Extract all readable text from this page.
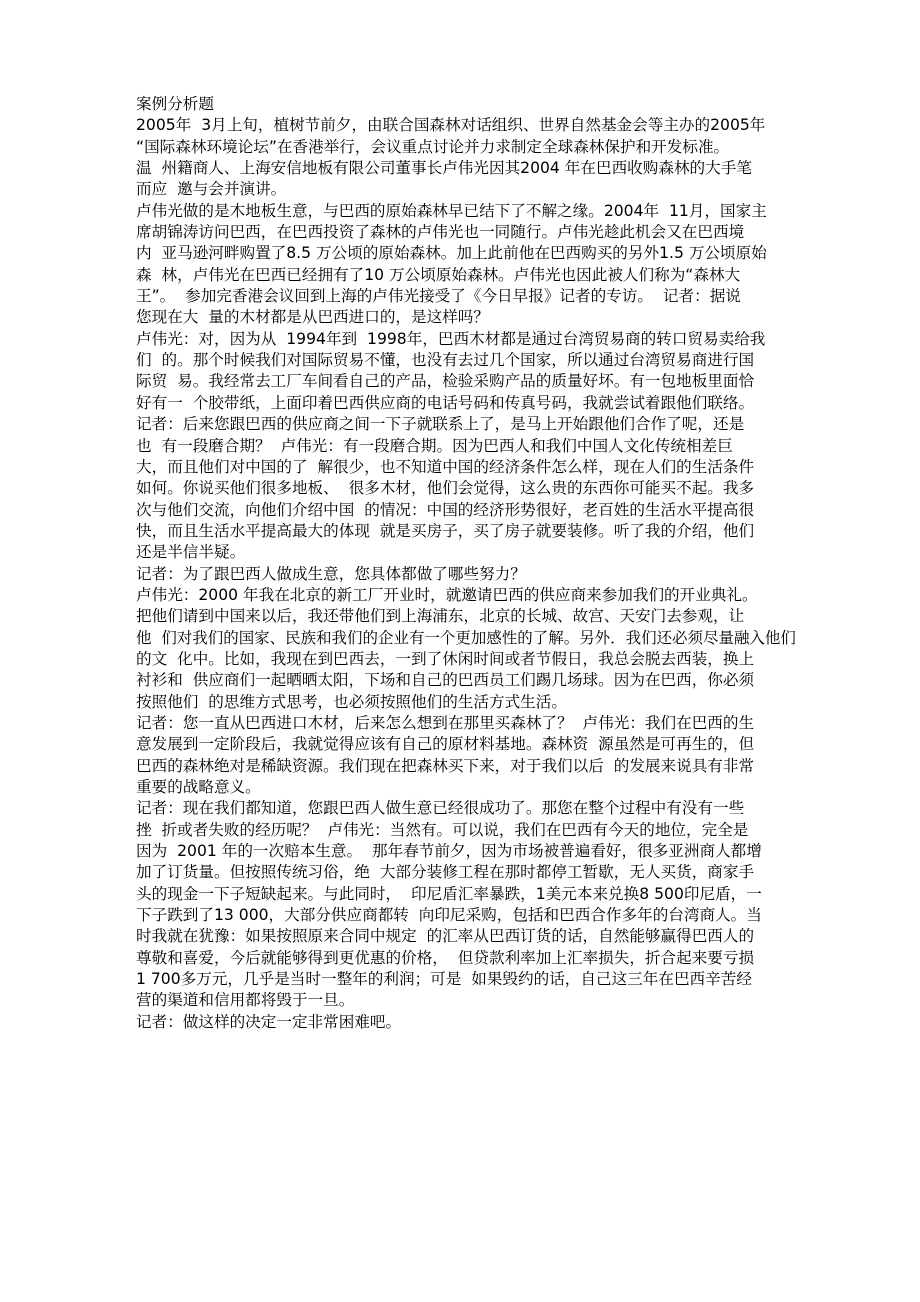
案例分析题
2005年  3月上旬，植树节前夕，由联合国森林对话组织、世界自然基金会等主办的2005年
“国际森林环境论坛”在香港举行，会议重点讨论并力求制定全球森林保护和开发标准。
温  州籍商人、上海安信地板有限公司董事长卢伟光因其2004 年在巴西收购森林的大手笔
而应  邀与会并演讲。
卢伟光做的是木地板生意，与巴西的原始森林早已结下了不解之缘。2004年  11月，国家主
席胡锦涛访问巴西，在巴西投资了森林的卢伟光也一同随行。卢伟光趁此机会又在巴西境
内  亚马逊河畔购置了8.5 万公顷的原始森林。加上此前他在巴西购买的另外1.5 万公顷原始
森  林，卢伟光在巴西已经拥有了10 万公顷原始森林。卢伟光也因此被人们称为“森林大
王”。  参加完香港会议回到上海的卢伟光接受了《今日早报》记者的专访。  记者：据说
您现在大  量的木材都是从巴西进口的，是这样吗？
卢伟光：对，因为从  1994年到  1998年，巴西木材都是通过台湾贸易商的转口贸易卖给我
们  的。那个时候我们对国际贸易不懂，也没有去过几个国家，所以通过台湾贸易商进行国
际贸  易。我经常去工厂车间看自己的产品，检验采购产品的质量好坏。有一包地板里面恰
好有一  个胶带纸，上面印着巴西供应商的电话号码和传真号码，我就尝试着跟他们联络。
记者：后来您跟巴西的供应商之间一下子就联系上了，是马上开始跟他们合作了呢，还是
也  有一段磨合期？  卢伟光：有一段磨合期。因为巴西人和我们中国人文化传统相差巨
大，而且他们对中国的了  解很少，也不知道中国的经济条件怎么样，现在人们的生活条件
如何。你说买他们很多地板、  很多木材，他们会觉得，这么贵的东西你可能买不起。我多
次与他们交流，向他们介绍中国  的情况：中国的经济形势很好，老百姓的生活水平提高很
快，而且生活水平提高最大的体现  就是买房子，买了房子就要装修。听了我的介绍，他们
还是半信半疑。
记者：为了跟巴西人做成生意，您具体都做了哪些努力？
卢伟光：2000 年我在北京的新工厂开业时，就邀请巴西的供应商来参加我们的开业典礼。
把他们请到中国来以后，我还带他们到上海浦东，北京的长城、故宫、天安门去参观，让
他  们对我们的国家、民族和我们的企业有一个更加感性的了解。另外．我们还必须尽量融入他们
的文  化中。比如，我现在到巴西去，一到了休闲时间或者节假日，我总会脱去西装，换上
衬衫和  供应商们一起晒晒太阳，下场和自己的巴西员工们踢几场球。因为在巴西，你必须
按照他们  的思维方式思考，也必须按照他们的生活方式生活。
记者：您一直从巴西进口木材，后来怎么想到在那里买森林了？  卢伟光：我们在巴西的生
意发展到一定阶段后，我就觉得应该有自己的原材料基地。森林资  源虽然是可再生的，但
巴西的森林绝对是稀缺资源。我们现在把森林买下来，对于我们以后  的发展来说具有非常
重要的战略意义。
记者：现在我们都知道，您跟巴西人做生意已经很成功了。那您在整个过程中有没有一些
挫  折或者失败的经历呢？  卢伟光：当然有。可以说，我们在巴西有今天的地位，完全是
因为  2001 年的一次赔本生意。  那年春节前夕，因为市场被普遍看好，很多亚洲商人都增
加了订货量。但按照传统习俗，绝  大部分装修工程在那时都停工暂歇，无人买货，商家手
头的现金一下子短缺起来。与此同时，  印尼盾汇率暴跌，1美元本来兑换8 500印尼盾，一
下子跌到了13 000，大部分供应商都转  向印尼采购，包括和巴西合作多年的台湾商人。当
时我就在犹豫：如果按照原来合同中规定  的汇率从巴西订货的话，自然能够赢得巴西人的
尊敬和喜爱，今后就能够得到更优惠的价格，  但贷款利率加上汇率损失，折合起来要亏损
1 700多万元，几乎是当时一整年的利润；可是  如果毁约的话，自己这三年在巴西辛苦经
营的渠道和信用都将毁于一旦。
记者：做这样的决定一定非常困难吧。
